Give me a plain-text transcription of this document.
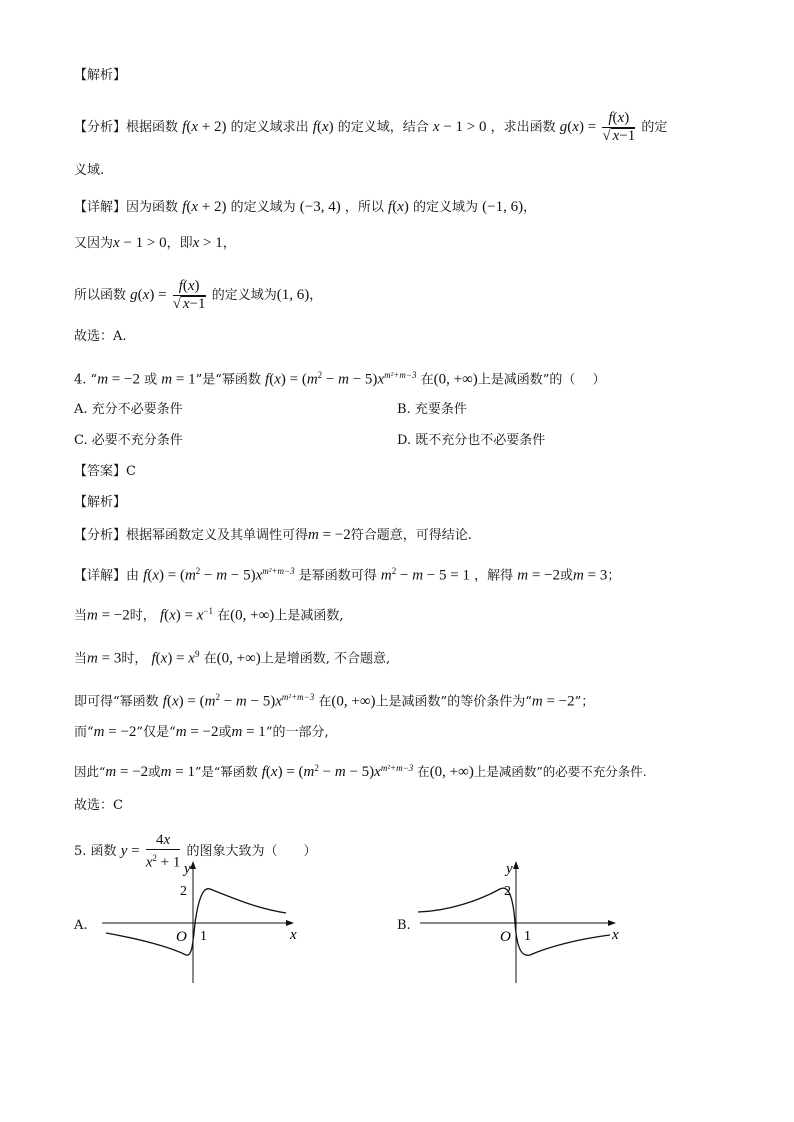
【解析】
【分析】根据函数 f(x + 2) 的定义域求出 f(x) 的定义域，结合 x − 1 > 0 ，求出函数 $g(x) = \frac{f(x)}{√ x-1}$ 的定
义域.
【详解】因为函数 f(x + 2) 的定义域为 (−3, 4) ，所以 f(x) 的定义域为 (−1, 6)，
又因为x − 1 > 0，即x > 1，
所以函数 $g(x) = \frac{f(x)}{√ x-1}$ 的定义域为(1, 6)，
故选：A.
4. “m = −2 或 m = 1”是“幂函数 $f(x) = (m^2 - m - 5)x^{m^2+m-3}$ 在(0, +∞)上是减函数”的（　 ）
A. 充分不必要条件	B. 充要条件
C. 必要不充分条件	D. 既不充分也不必要条件
【答案】C
【解析】
【分析】根据幂函数定义及其单调性可得m = −2符合题意，可得结论.
【详解】由 $f(x) = (m^2 - m - 5)x^{m^2+m-3}$ 是幂函数可得 $m^2 - m - 5 = 1$ ，解得 m = −2或m = 3；
当m = −2时， $f(x) = x^{-1}$ 在(0, +∞)上是减函数,
当m = 3时， $f(x) = x^9$ 在(0, +∞)上是增函数, 不合题意,
即可得“幂函数 $f(x) = (m^2 - m - 5)x^{m^2+m-3}$ 在(0, +∞)上是减函数”的等价条件为“m = −2”；
而“m = −2”仅是“m = −2或m = 1”的一部分,
因此“m = −2或m = 1”是“幂函数 $f(x) = (m^2 - m - 5)x^{m^2+m-3}$ 在(0, +∞)上是减函数”的必要不充分条件.
故选：C
5. 函数 $y = \frac{4x}{x^2 + 1}$ 的图象大致为（　　）
A.
y
x
O 1
2
B.
y
x
O 1
2
